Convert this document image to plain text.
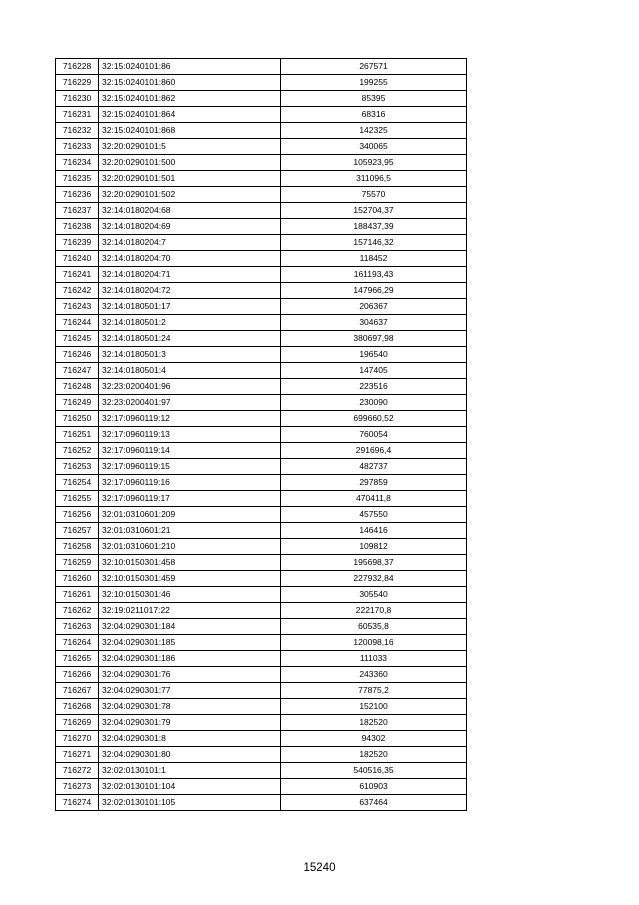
716228	32:15:0240101:86	267571
716229	32:15:0240101:860	199255
716230	32:15:0240101:862	85395
716231	32:15:0240101:864	68316
716232	32:15:0240101:868	142325
716233	32:20:0290101:5	340065
716234	32:20:0290101:500	105923,95
716235	32:20:0290101:501	311096,5
716236	32:20:0290101:502	75570
716237	32:14:0180204:68	152704,37
716238	32:14:0180204:69	188437,39
716239	32:14:0180204:7	157146,32
716240	32:14:0180204:70	118452
716241	32:14:0180204:71	161193,43
716242	32:14:0180204:72	147966,29
716243	32:14:0180501:17	206367
716244	32:14:0180501:2	304637
716245	32:14:0180501:24	380697,98
716246	32:14:0180501:3	196540
716247	32:14:0180501:4	147405
716248	32:23:0200401:96	223516
716249	32:23:0200401:97	230090
716250	32:17:0960119:12	699660,52
716251	32:17:0960119:13	760054
716252	32:17:0960119:14	291696,4
716253	32:17:0960119:15	482737
716254	32:17:0960119:16	297859
716255	32:17:0960119:17	470411,8
716256	32:01:0310601:209	457550
716257	32:01:0310601:21	146416
716258	32:01:0310601:210	109812
716259	32:10:0150301:458	195698,37
716260	32:10:0150301:459	227932,84
716261	32:10:0150301:46	305540
716262	32:19:0211017:22	222170,8
716263	32:04:0290301:184	60535,8
716264	32:04:0290301:185	120098,16
716265	32:04:0290301:186	111033
716266	32:04:0290301:76	243360
716267	32:04:0290301:77	77875,2
716268	32:04:0290301:78	152100
716269	32:04:0290301:79	182520
716270	32:04:0290301:8	94302
716271	32:04:0290301:80	182520
716272	32:02:0130101:1	540516,35
716273	32:02:0130101:104	610903
716274	32:02:0130101:105	637464
15240
